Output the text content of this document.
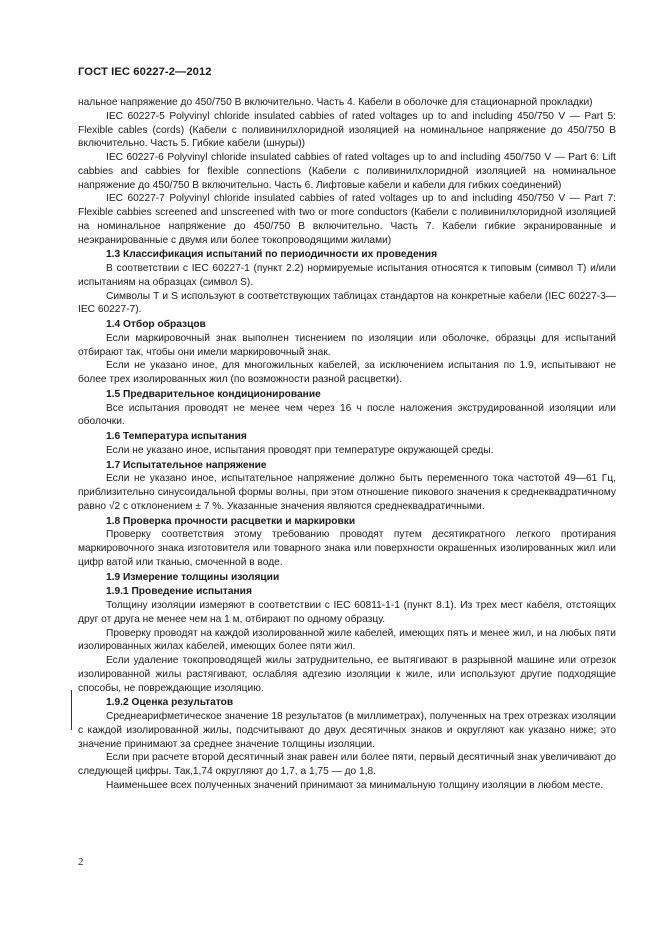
ГОСТ IEC 60227-2—2012

нальное напряжение до 450/750 В включительно. Часть 4. Кабели в оболочке для стационарной прокладки)

IEC 60227-5 Polyvinyl chloride insulated cabbies of rated voltages up to and including 450/750 V — Part 5: Flexible cables (cords) (Кабели с поливинилхлоридной изоляцией на номинальное напряжение до 450/750 В включительно. Часть 5. Гибкие кабели (шнуры))

IEC 60227-6 Polyvinyl chloride insulated cabbies of rated voltages up to and including 450/750 V — Part 6: Lift cabbies and cabbies for flexible connections (Кабели с поливинилхлоридной изоляцией на номинальное напряжение до 450/750 В включительно. Часть 6. Лифтовые кабели и кабели для гибких соединений)

IEC 60227-7 Polyvinyl chloride insulated cabbies of rated voltages up to and including 450/750 V — Part 7: Flexible cabbies screened and unscreened with two or more conductors (Кабели с поливинилхлоридной изоляцией на номинальное напряжение до 450/750 В включительно. Часть 7. Кабели гибкие экранированные и неэкранированные с двумя или более токопроводящими жилами)

1.3 Классификация испытаний по периодичности их проведения

В соответствии с IEC 60227-1 (пункт 2.2) нормируемые испытания относятся к типовым (символ Т) и/или испытаниям на образцах (символ S).

Символы Т и S используют в соответствующих таблицах стандартов на конкретные кабели (IEC 60227-3—IEC 60227-7).

1.4 Отбор образцов

Если маркировочный знак выполнен тиснением по изоляции или оболочке, образцы для испытаний отбирают так, чтобы они имели маркировочный знак.

Если не указано иное, для многожильных кабелей, за исключением испытания по 1.9, испытывают не более трех изолированных жил (по возможности разной расцветки).

1.5 Предварительное кондиционирование

Все испытания проводят не менее чем через 16 ч после наложения экструдированной изоляции или оболочки.

1.6 Температура испытания

Если не указано иное, испытания проводят при температуре окружающей среды.

1.7 Испытательное напряжение

Если не указано иное, испытательное напряжение должно быть переменного тока частотой 49—61 Гц, приблизительно синусоидальной формы волны, при этом отношение пикового значения к среднеквадратичному равно √2 с отклонением ± 7 %. Указанные значения являются среднеквадратичными.

1.8 Проверка прочности расцветки и маркировки

Проверку соответствия этому требованию проводят путем десятикратного легкого протирания маркировочного знака изготовителя или товарного знака или поверхности окрашенных изолированных жил или цифр ватой или тканью, смоченной в воде.

1.9 Измерение толщины изоляции

1.9.1 Проведение испытания

Толщину изоляции измеряют в соответствии с IEC 60811-1-1 (пункт 8.1). Из трех мест кабеля, отстоящих друг от друга не менее чем на 1 м, отбирают по одному образцу.

Проверку проводят на каждой изолированной жиле кабелей, имеющих пять и менее жил, и на любых пяти изолированных жилах кабелей, имеющих более пяти жил.

Если удаление токопроводящей жилы затруднительно, ее вытягивают в разрывной машине или отрезок изолированной жилы растягивают, ослабляя адгезию изоляции к жиле, или используют другие подходящие способы, не повреждающие изоляцию.

1.9.2 Оценка результатов

Среднеарифметическое значение 18 результатов (в миллиметрах), полученных на трех отрезках изоляции с каждой изолированной жилы, подсчитывают до двух десятичных знаков и округляют как указано ниже; это значение принимают за среднее значение толщины изоляции.

Если при расчете второй десятичный знак равен или более пяти, первый десятичный знак увеличивают до следующей цифры. Так,1,74 округляют до 1,7, а 1,75 — до 1,8.

Наименьшее всех полученных значений принимают за минимальную толщину изоляции в любом месте.

2
